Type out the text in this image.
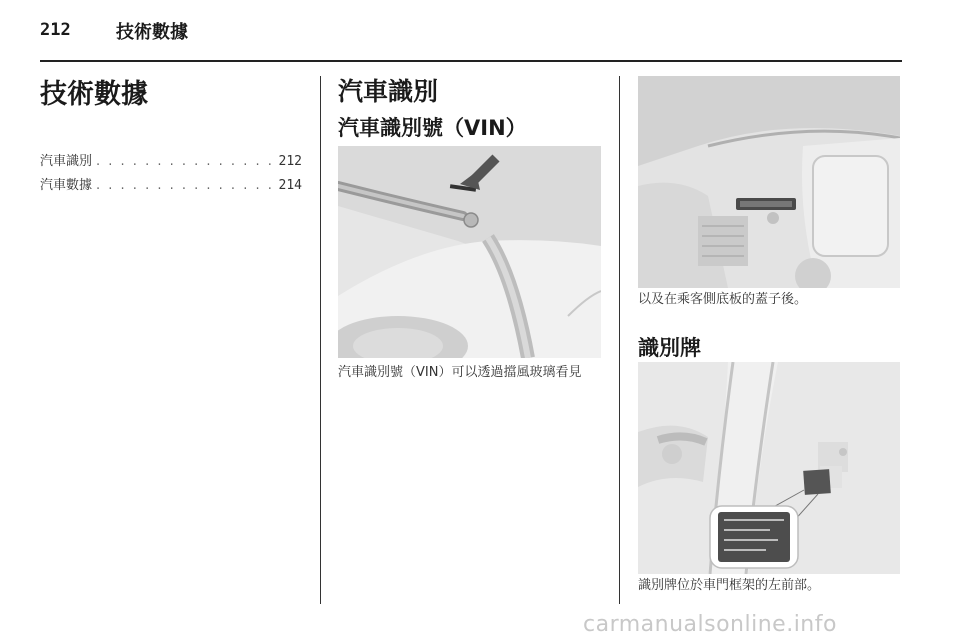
212	技術數據
技術數據
汽車識別 . . .	212
汽車數據 . . .	214
汽車識別
汽車識別號（VIN）
汽車識別號（VIN）可以透過擋風玻璃看見
以及在乘客側底板的蓋子後。
識別牌
識別牌位於車門框架的左前部。
carmanualsonline.info
